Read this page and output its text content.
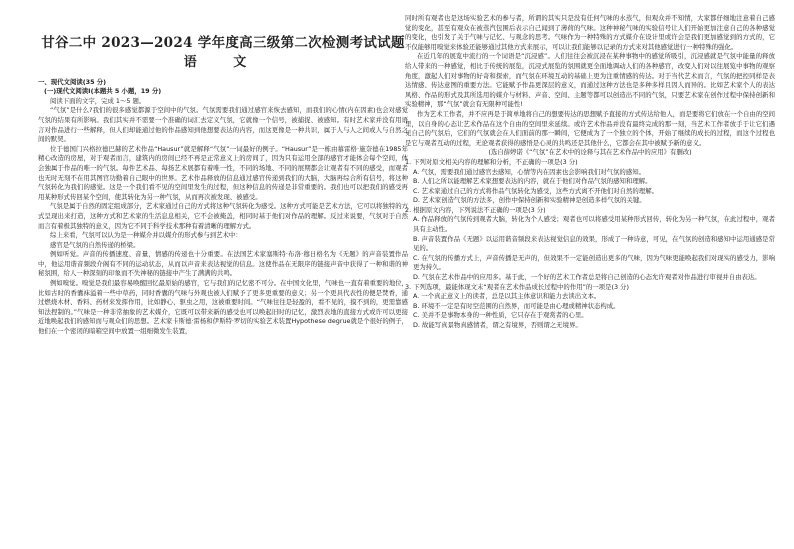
甘谷二中 2023—2024 学年度高三级第二次检测考试试题
语 文
一、现代文阅读(35 分)
(一)现代文阅读Ⅰ(本题共 5 小题，19 分)

阅读下面的文字，完成 1～5 题。

“气氛”是什么?我们的很多感觉都源于空间中的气氛。气氛需要我们通过感官来恢去感知，而我们的心情(内在因素)也会对感觉气氛的结果有所影响。我们其实并不需要一个准确的词汇去定义气氛，它就像一个信号，被捕捉、被感知。有时艺术家并没有用语言对作品进行一些解释，但人们却能通过他的作品感知到他想要表达的内容，而这更像是一种共识，属于人与人之间或人与自然之间的默契。

位于德国门兴格拉德巴赫的艺术作品“Hausur”就是解释“气氛”一词最好的例子。“Hausur”是一栋由慕雷格·施奈德在1985年精心改造的房屋，对于观者而言，建筑内的房间已经不再是正常意义上的房间了，因为只有运用全部的感官才能体会每个空间，体会独属于作品的唯一的气氛。每件艺术品、每扬艺术展都有着唯一性，不同的场地、不同的展期都会让观者有不同的感受，而观者也无时无刻不在用其图官功勤着自己眼中的世界。艺术作品释放的信息通过感官传递到我们的大脑，大脑再综合所有信号，将这种气氛转化为我们的感觉。这是一个我们看不见的空间里发生的过程，但这种信息的传递是非常重要的。我们也可以把我们的感受再用某种形式传回某个空间，使其转化为另一种气氛，从而再次被发现、被感受。

气氛是属于自然的固定组成部分，艺术家通过自己的方式将这种气氛转化为感受。这种方式可能是艺术方法，它可以将独特的方式呈现出来打造，这种方式和艺术家的生活息息相关，它不会被掩盖，相同时基于他们对作品的理解。反过来说要，气氛对于自然而言有着极其独特的意义，因为它不同于科学技术那种有着清晰的理解方式。

综上来看，气氛可以认为是一种媒介并以媒介的形式参与到艺术中：

感官是气氛的自然传递的桥梁。

例如听觉。声音的传播速度、音量，情感的传递也十分重要。在法国艺术家塞斯特·布洛·穆日格名为《无题》的声音装置作品中，他运用谐音频段介阁有不同的运动状态，从而以声音来表达视觉的信息。这使作品在无限序的链接声音中获得了一种和谐的神秘氛围，给人一种深刻的印象而不失神秘的链接中产生了满满的共鸣。

例如嗅觉。嗅觉是我们最容易唤醒回忆最原始的感官，它与我们的记忆密不可分。在中国文化里，气味也一直有着重要的地位，比如古时的香囊袜溢着一些中草药，同时香囊的气味与外观也被人们赋予了更多更重要的意义；另一个更具代表性的便是焚香，通过燃烧木材、香料、药材来发挥作用，比如静心、驱虫之用，这被重要时间。“气味往往是轻盈的，看不见的，摸不到的，更需靠感知法捏制的。”气味是一种非常抽象的艺术媒介，它既可以带来新的感受也可以唤起旧时的记忆，激烈表地的直接方式或许可以更接近地唤起我们的感知而与观众们的思想。艺术家卡斯德·雷杨和伊斯特·罗切的实验艺术装置Hypothese degrue就是个很好的例子，他们在一个密闭的暗箱空间中放置一组细微发生装置，

同时所有观者也是这场实验艺术的参与者，所谓的其实只是没有任何气味的水蒸气，但观众并不知情，大家都仔细地注意着自己感觉的变化，甚至有观众在被蒸汽包围后表示自己闻到了薄荷的气味。这种神秘气味的实验信号让人们开始更加注意自己的各种感觉的变化，也引发了关于气味与记忆、与观念的思考。气味作为一种特殊的方式媒介在设计里或许会是我们更加感觉到的方式的，它不仅能够用嗅觉来体验还能够通过其他方式来展示，可以让我们能够以记录的方式来对其他感觉进行一种特殊的强化。

在近几年的展览中流行的一个词语是“沉浸感”。人们往往会被沉浸在某种事物中的感觉所吸引，沉浸感就是气氛中能量的释放给人带来的一种感觉，相比于传统的展览，沉浸式展览的氛围就更全面地调动人们的各种感官，改变人们对以往展览中事物的观察角度，激起人们对事物的好奇和探索，而气氛在环境互动的基础上更为注重情感的传达。对于当代艺术而言，气氛的把控同样是表达情感、传达意图的重要方法。它能赋予作品更深层的意义，而通过这种方法也是多种多样且因人而异的。比如艺术家个人的表达风格、作品的形式及其所选用的媒介与材料、声音、空间、主题等都可以创造出不同的气氛，只要艺术家在创作过程中保持创新和实验精神，那“气氛”就会有无限种可能性!

作为艺术工作者，并不应再是于简单地将自己的想要传达的思想赋予直接的方式传达给他人，而是要将它们放在一个自由的空间里，以自身的心态让艺术作品在这个自由的空间里来延续。或许艺术作品并没有最终完成的那一刻，当艺术工作者放手于让它们遇见自己的气氛后，它们的气氛就会在人们面前的那一瞬间，它便成为了一个独立的个体，开始了继续的成长的过程，而这个过程也是它与观者互动的过程，无论观者获得的感悟是心灵的共鸣还是其他什么，它都会在其中被赋予新的意义。

(选自薛婷诺《“气氛”在艺术中的诠释与其在艺术作品中的应用》有删改)

1. 下列对原文相关内容的理解和分析，不正确的一项是(3 分)

A. 气氛，需要我们通过感官去感知，心情等内在因素也会影响我们对气氛的感知。

B. 人们之所以能理解艺术家想要表达的内容，就在于他们对作品气氛的感知和理解。

C. 艺术家通过自己的方式将作品气氛转化为感受，这些方式离不开他们对自然的理解。

D. 艺术家创造气氛的方法多，创作中保持创新和实验精神是创造多样气氛的关键。

2. 根据原文内容，下列说法不正确的一项是(3 分)

A. 作品释放的气氛传到观者大脑，转化为个人感受；观者也可以将感受用某种形式回传，转化为另一种气氛，在此过程中，观者具有主动性。

B. 声音装置作品《无题》以运用谐音频段来表达视觉信息的效果，形成了一种诗意，可见，在气氛的创造和感知中运用通感是常见的。

C. 在气氛的传播方式上，声音传播是无声的，但效果不一定能创造出更多的气味，因为气味更能唤起我们对现实的感受力，影响更为持久。

D. 气氛在艺术作品中的应用多。基于此，一个好的艺术工作者总是将自己创造的心态允许观者对作品进行审视并自由表达。

3. 下列选项，最能体现文末“观者在艺术作品成长过程中的作用”的一项是(3 分)

A. 一个真正意义上的读者，总是以其主体意识和能力去读出文本。

B. 环境不一定是有时空范围的自然界，而可能是由心理或精神状态构成。

C. 美并不是事物本身的一种性质，它只存在于观赏者的心里。

D. 故能写真景物真感情者，谓之有境界，否则谓之无境界。
